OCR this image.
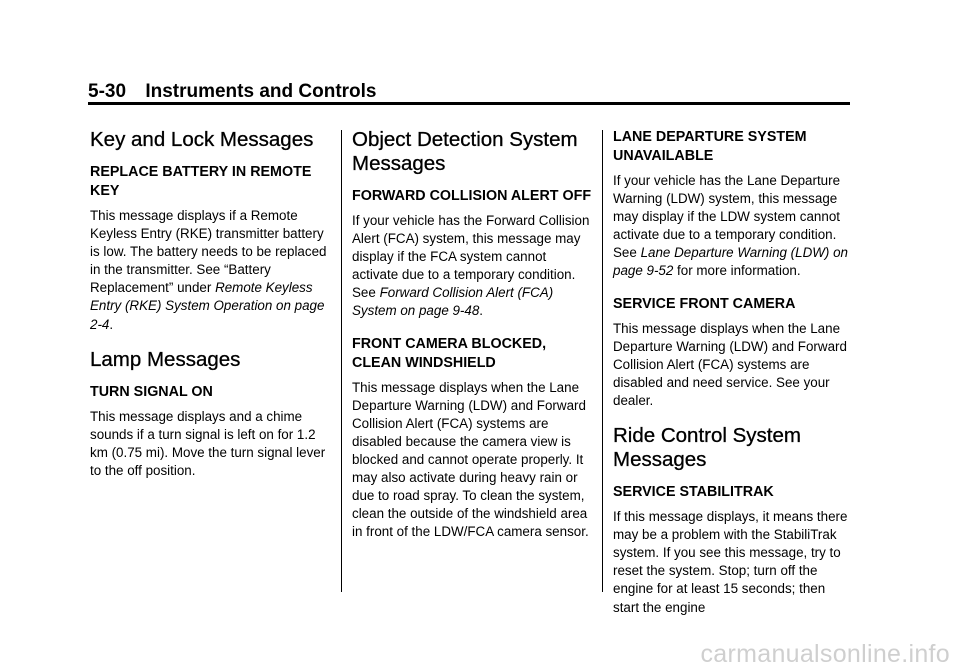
5-30 Instruments and Controls
Key and Lock Messages
REPLACE BATTERY IN REMOTE KEY

This message displays if a Remote Keyless Entry (RKE) transmitter battery is low. The battery needs to be replaced in the transmitter. See “Battery Replacement” under Remote Keyless Entry (RKE) System Operation on page 2-4.

Lamp Messages
TURN SIGNAL ON

This message displays and a chime sounds if a turn signal is left on for 1.2 km (0.75 mi). Move the turn signal lever to the off position.

Object Detection System Messages
FORWARD COLLISION ALERT OFF

If your vehicle has the Forward Collision Alert (FCA) system, this message may display if the FCA system cannot activate due to a temporary condition. See Forward Collision Alert (FCA) System on page 9-48.

FRONT CAMERA BLOCKED, CLEAN WINDSHIELD

This message displays when the Lane Departure Warning (LDW) and Forward Collision Alert (FCA) systems are disabled because the camera view is blocked and cannot operate properly. It may also activate during heavy rain or due to road spray. To clean the system, clean the outside of the windshield area in front of the LDW/FCA camera sensor.

LANE DEPARTURE SYSTEM UNAVAILABLE

If your vehicle has the Lane Departure Warning (LDW) system, this message may display if the LDW system cannot activate due to a temporary condition. See Lane Departure Warning (LDW) on page 9-52 for more information.

SERVICE FRONT CAMERA

This message displays when the Lane Departure Warning (LDW) and Forward Collision Alert (FCA) systems are disabled and need service. See your dealer.

Ride Control System Messages
SERVICE STABILITRAK

If this message displays, it means there may be a problem with the StabiliTrak system. If you see this message, try to reset the system. Stop; turn off the engine for at least 15 seconds; then start the engine

carmanualsonline.info
